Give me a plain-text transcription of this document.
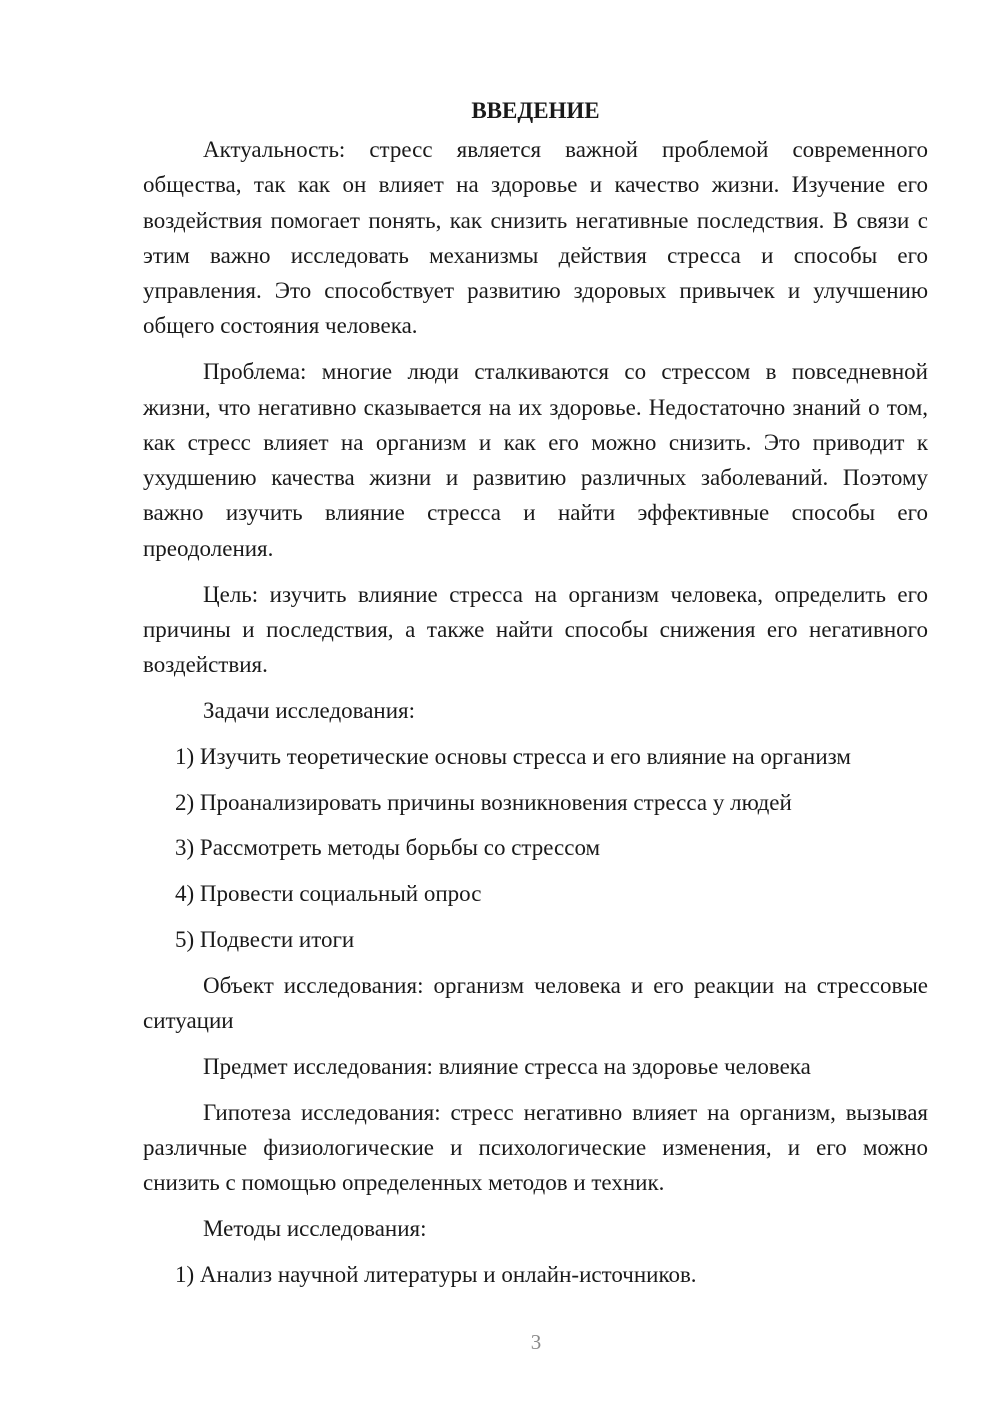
ВВЕДЕНИЕ

Актуальность: стресс является важной проблемой современного общества, так как он влияет на здоровье и качество жизни. Изучение его воздействия помогает понять, как снизить негативные последствия. В связи с этим важно исследовать механизмы действия стресса и способы его управления. Это способствует развитию здоровых привычек и улучшению общего состояния человека.

Проблема: многие люди сталкиваются со стрессом в повседневной жизни, что негативно сказывается на их здоровье. Недостаточно знаний о том, как стресс влияет на организм и как его можно снизить. Это приводит к ухудшению качества жизни и развитию различных заболеваний. Поэтому важно изучить влияние стресса и найти эффективные способы его преодоления.

Цель: изучить влияние стресса на организм человека, определить его причины и последствия, а также найти способы снижения его негативного воздействия.

Задачи исследования:

1) Изучить теоретические основы стресса и его влияние на организм

2) Проанализировать причины возникновения стресса у людей

3) Рассмотреть методы борьбы со стрессом

4) Провести социальный опрос

5) Подвести итоги

Объект исследования: организм человека и его реакции на стрессовые ситуации

Предмет исследования: влияние стресса на здоровье человека

Гипотеза исследования: стресс негативно влияет на организм, вызывая различные физиологические и психологические изменения, и его можно снизить с помощью определенных методов и техник.

Методы исследования:

1) Анализ научной литературы и онлайн-источников.

3
